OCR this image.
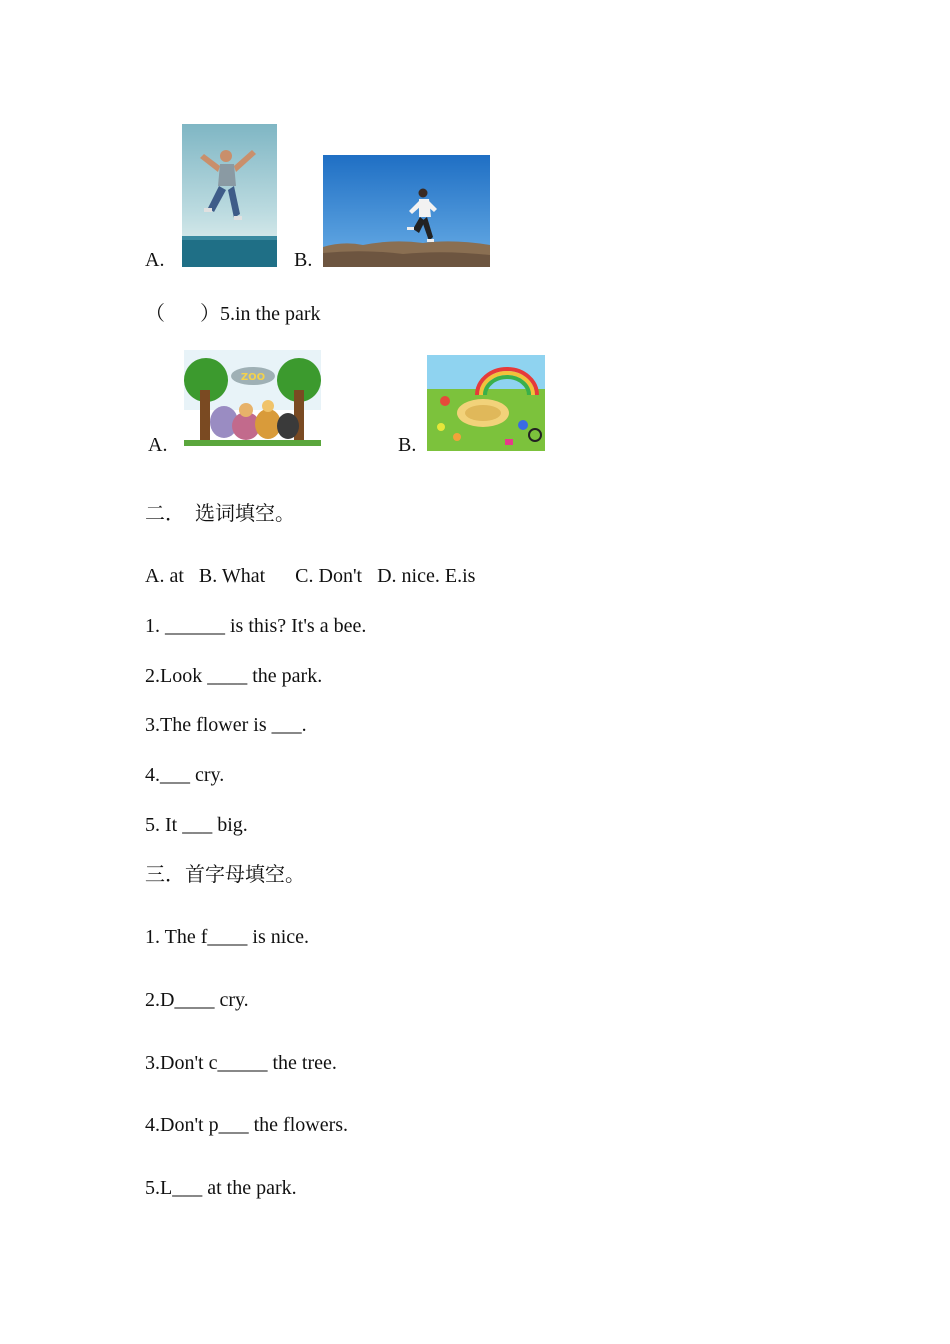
A.	B.
（       ）5.in the park
A.
ZOO
B.
二．  选词填空。
A. at   B. What      C. Don't   D. nice. E.is
1. ______ is this? It's a bee.
2.Look ____ the park.
3.The flower is ___.
4.___ cry.
5. It ___ big.
三．首字母填空。
1. The f____ is nice.
2.D____ cry.
3.Don't c_____ the tree.
4.Don't p___ the flowers.
5.L___ at the park.
